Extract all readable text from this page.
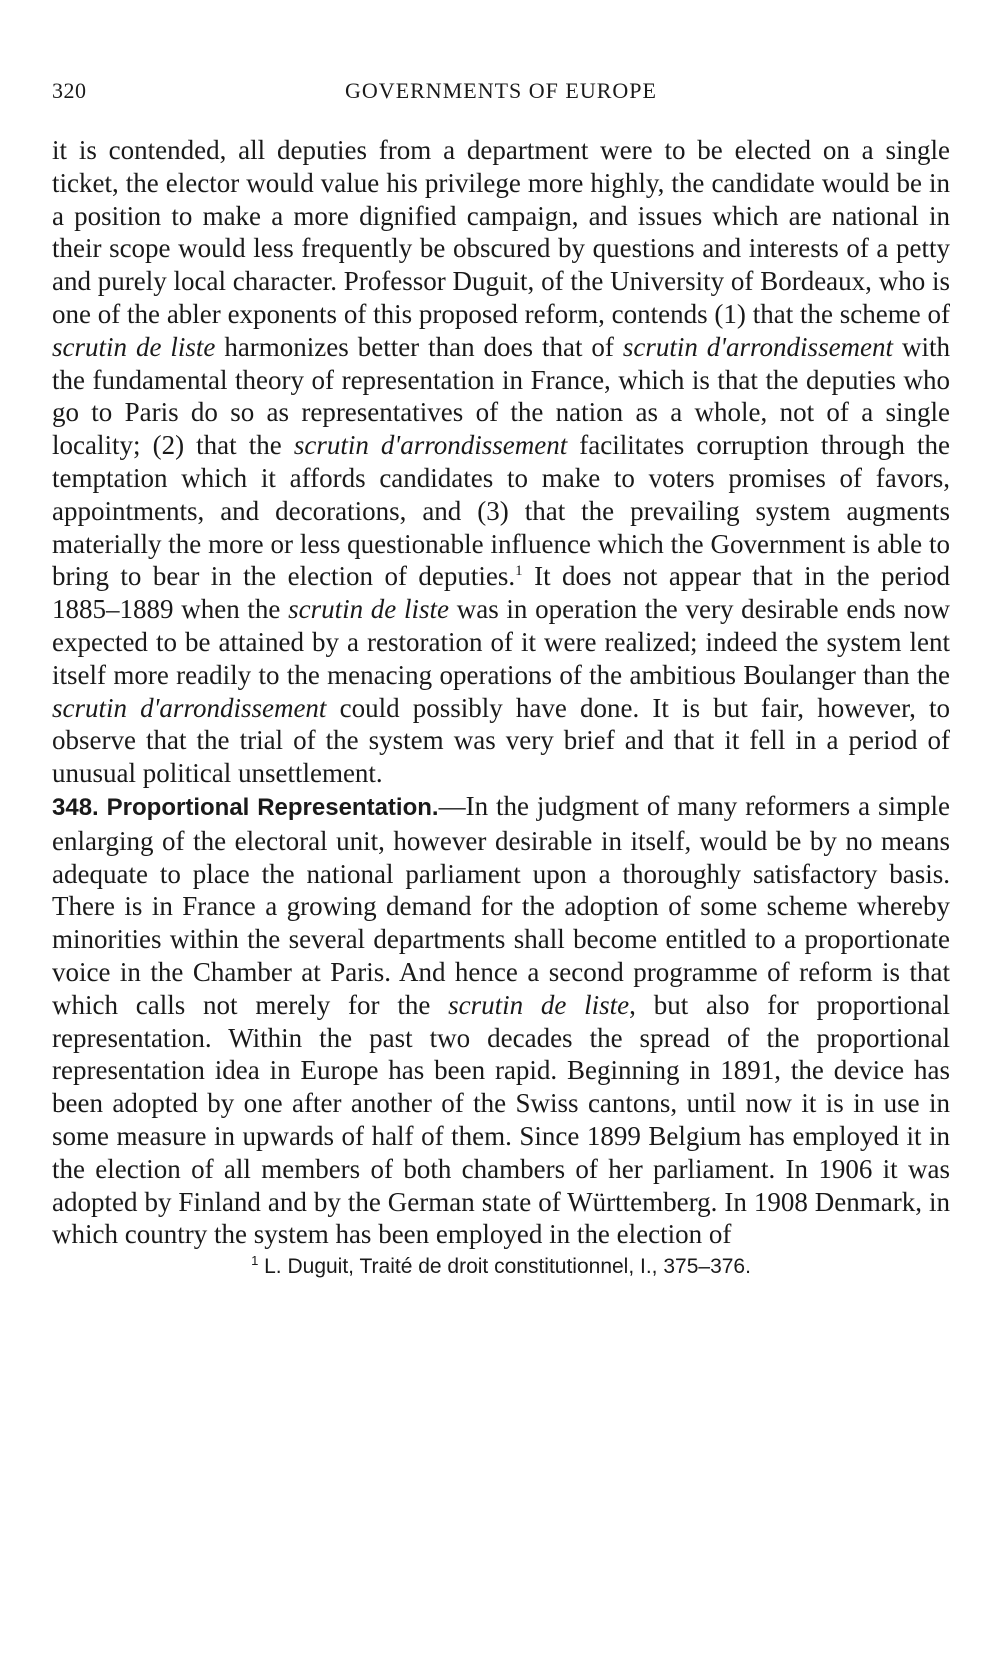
320	GOVERNMENTS OF EUROPE

it is contended, all deputies from a department were to be elected on a single ticket, the elector would value his privilege more highly, the candidate would be in a position to make a more dignified campaign, and issues which are national in their scope would less frequently be obscured by questions and interests of a petty and purely local character. Professor Duguit, of the University of Bordeaux, who is one of the abler exponents of this proposed reform, contends (1) that the scheme of scrutin de liste harmonizes better than does that of scrutin d'arrondissement with the fundamental theory of representation in France, which is that the deputies who go to Paris do so as representatives of the nation as a whole, not of a single locality; (2) that the scrutin d'arrondissement facilitates corruption through the temptation which it affords candidates to make to voters promises of favors, appointments, and decorations, and (3) that the prevailing system augments materially the more or less questionable influence which the Government is able to bring to bear in the election of deputies.$^1$ It does not appear that in the period 1885–1889 when the scrutin de liste was in operation the very desirable ends now expected to be attained by a restoration of it were realized; indeed the system lent itself more readily to the menacing operations of the ambitious Boulanger than the scrutin d'arrondissement could possibly have done. It is but fair, however, to observe that the trial of the system was very brief and that it fell in a period of unusual political unsettlement.

348. Proportional Representation.—In the judgment of many reformers a simple enlarging of the electoral unit, however desirable in itself, would be by no means adequate to place the national parliament upon a thoroughly satisfactory basis. There is in France a growing demand for the adoption of some scheme whereby minorities within the several departments shall become entitled to a proportionate voice in the Chamber at Paris. And hence a second programme of reform is that which calls not merely for the scrutin de liste, but also for proportional representation. Within the past two decades the spread of the proportional representation idea in Europe has been rapid. Beginning in 1891, the device has been adopted by one after another of the Swiss cantons, until now it is in use in some measure in upwards of half of them. Since 1899 Belgium has employed it in the election of all members of both chambers of her parliament. In 1906 it was adopted by Finland and by the German state of Württemberg. In 1908 Denmark, in which country the system has been employed in the election of

$^1$ L. Duguit, Traité de droit constitutionnel, I., 375–376.
